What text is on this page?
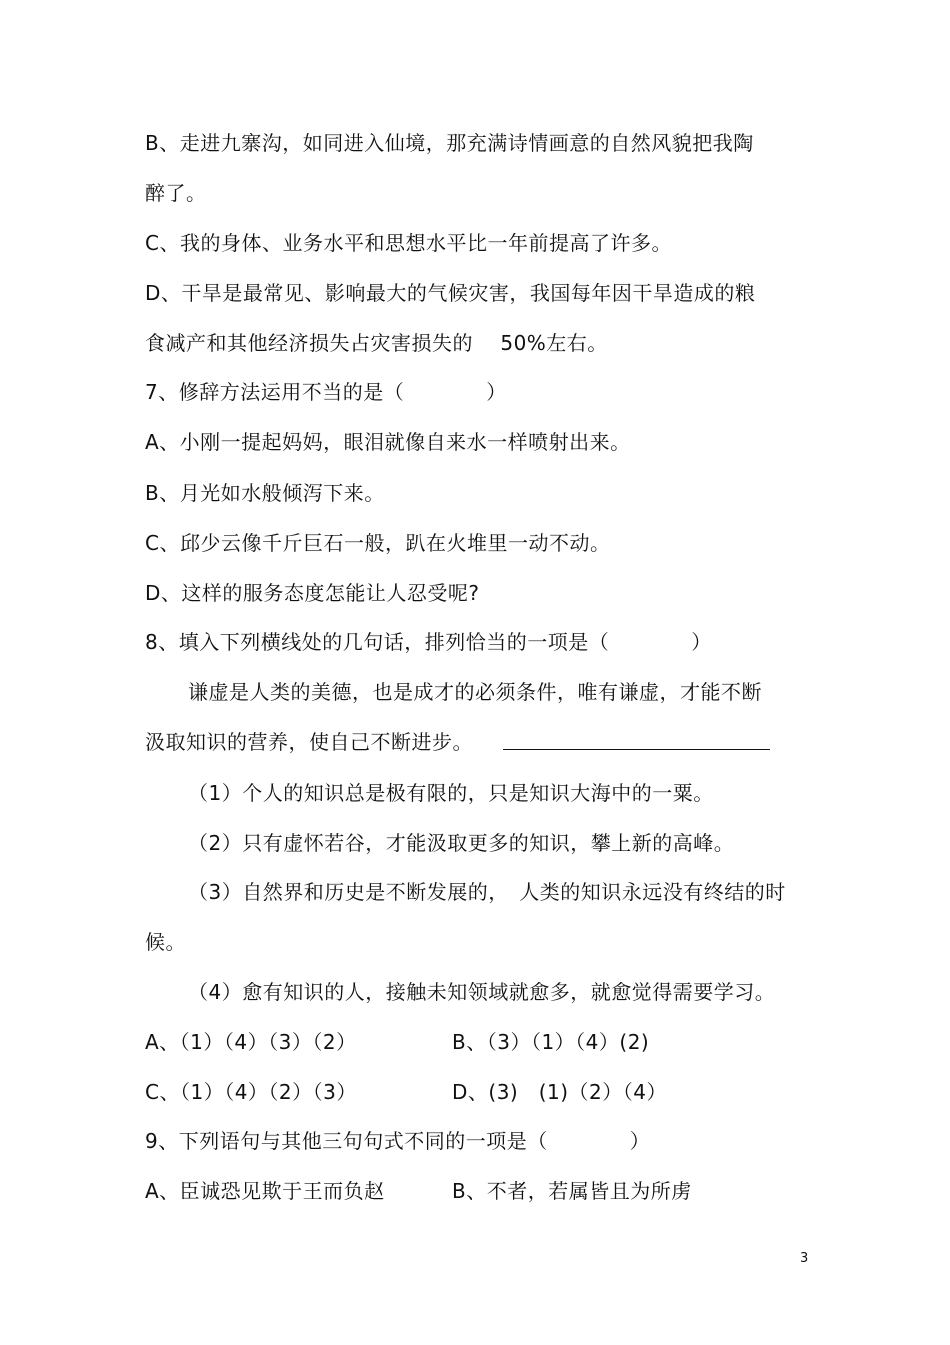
B、走进九寨沟，如同进入仙境，那充满诗情画意的自然风貌把我陶
醉了。
C、我的身体、业务水平和思想水平比一年前提高了许多。
D、干旱是最常见、影响最大的气候灾害，我国每年因干旱造成的粮
食减产和其他经济损失占灾害损失的　 50%左右。
7、修辞方法运用不当的是（　　　　）
A、小刚一提起妈妈，眼泪就像自来水一样喷射出来。
B、月光如水般倾泻下来。
C、邱少云像千斤巨石一般，趴在火堆里一动不动。
D、这样的服务态度怎能让人忍受呢?
8、填入下列横线处的几句话，排列恰当的一项是（　　　　）
谦虚是人类的美德，也是成才的必须条件，唯有谦虚，才能不断
汲取知识的营养，使自己不断进步。
（1）个人的知识总是极有限的，只是知识大海中的一粟。
（2）只有虚怀若谷，才能汲取更多的知识，攀上新的高峰。
（3）自然界和历史是不断发展的，　人类的知识永远没有终结的时
候。
（4）愈有知识的人，接触未知领域就愈多，就愈觉得需要学习。
A、（1）（4）（3）（2）	B、（3）（1）（4）(2)
C、（1）（4）（2）（3）	D、(3)　(1)（2）（4）
9、下列语句与其他三句句式不同的一项是（　　　　）
A、臣诚恐见欺于王而负赵	B、不者，若属皆且为所虏
3
